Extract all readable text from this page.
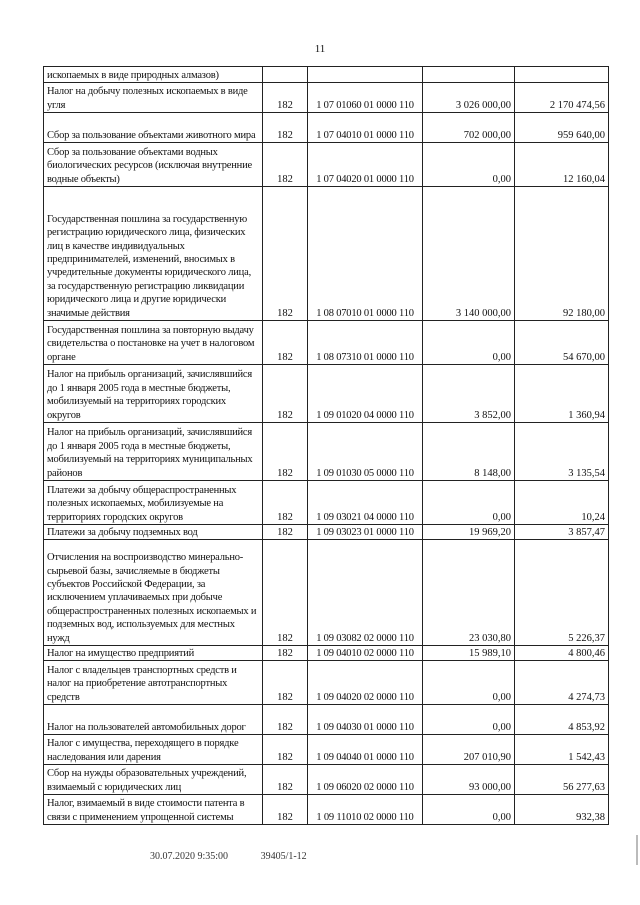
11
ископаемых в виде природных алмазов)				
Налог на добычу полезных ископаемых в виде угля	182	1 07 01060 01 0000 110	3 026 000,00	2 170 474,56
Сбор за пользование объектами животного мира	182	1 07 04010 01 0000 110	702 000,00	959 640,00
Сбор за пользование объектами водных биологических ресурсов (исключая внутренние водные объекты)	182	1 07 04020 01 0000 110	0,00	12 160,04
Государственная пошлина за государственную регистрацию юридического лица, физических лиц в качестве индивидуальных предпринимателей, изменений, вносимых в учредительные документы юридического лица, за государственную регистрацию ликвидации юридического лица и другие юридически значимые действия	182	1 08 07010 01 0000 110	3 140 000,00	92 180,00
Государственная пошлина за повторную выдачу свидетельства о постановке на учет в налоговом органе	182	1 08 07310 01 0000 110	0,00	54 670,00
Налог на прибыль организаций, зачислявшийся до 1 января 2005 года в местные бюджеты, мобилизуемый на территориях городских округов	182	1 09 01020 04 0000 110	3 852,00	1 360,94
Налог на прибыль организаций, зачислявшийся до 1 января 2005 года в местные бюджеты, мобилизуемый на территориях муниципальных районов	182	1 09 01030 05 0000 110	8 148,00	3 135,54
Платежи за добычу общераспространенных полезных ископаемых, мобилизуемые на территориях городских округов	182	1 09 03021 04 0000 110	0,00	10,24
Платежи за добычу подземных вод	182	1 09 03023 01 0000 110	19 969,20	3 857,47
Отчисления на воспроизводство минерально-сырьевой базы, зачисляемые в бюджеты субъектов Российской Федерации, за исключением уплачиваемых при добыче общераспространенных полезных ископаемых и подземных вод, используемых для местных нужд	182	1 09 03082 02 0000 110	23 030,80	5 226,37
Налог на имущество предприятий	182	1 09 04010 02 0000 110	15 989,10	4 800,46
Налог с владельцев транспортных средств и налог на приобретение автотранспортных средств	182	1 09 04020 02 0000 110	0,00	4 274,73
Налог на пользователей автомобильных дорог	182	1 09 04030 01 0000 110	0,00	4 853,92
Налог с имущества, переходящего в порядке наследования или дарения	182	1 09 04040 01 0000 110	207 010,90	1 542,43
Сбор на нужды образовательных учреждений, взимаемый с юридических лиц	182	1 09 06020 02 0000 110	93 000,00	56 277,63
Налог, взимаемый в виде стоимости патента в связи с применением упрощенной системы	182	1 09 11010 02 0000 110	0,00	932,38
30.07.2020 9:35:00	39405/1-12
